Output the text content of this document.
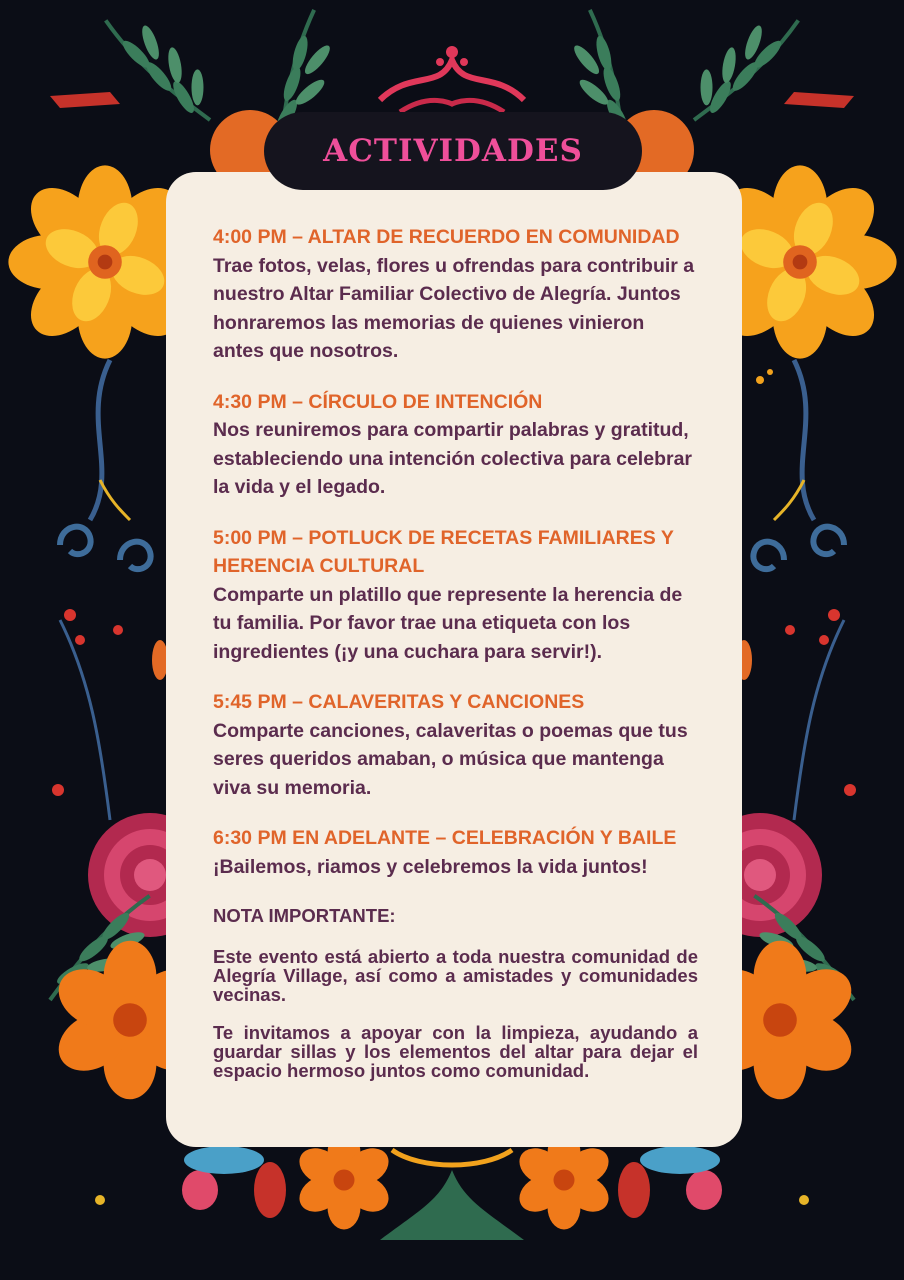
ACTIVIDADES
4:00 PM – ALTAR DE RECUERDO EN COMUNIDAD
Trae fotos, velas, flores u ofrendas para contribuir a nuestro Altar Familiar Colectivo de Alegría. Juntos honraremos las memorias de quienes vinieron antes que nosotros.
4:30 PM – CÍRCULO DE INTENCIÓN
Nos reuniremos para compartir palabras y gratitud, estableciendo una intención colectiva para celebrar la vida y el legado.
5:00 PM – POTLUCK DE RECETAS FAMILIARES Y HERENCIA CULTURAL
Comparte un platillo que represente la herencia de tu familia. Por favor trae una etiqueta con los ingredientes (¡y una cuchara para servir!).
5:45 PM – CALAVERITAS Y CANCIONES
Comparte canciones, calaveritas o poemas que tus seres queridos amaban, o música que mantenga viva su memoria.
6:30 PM EN ADELANTE – CELEBRACIÓN Y BAILE
¡Bailemos, riamos y celebremos la vida juntos!
NOTA IMPORTANTE:

Este evento está abierto a toda nuestra comunidad de Alegría Village, así como a amistades y comunidades vecinas.

Te invitamos a apoyar con la limpieza, ayudando a guardar sillas y los elementos del altar para dejar el espacio hermoso juntos como comunidad.
